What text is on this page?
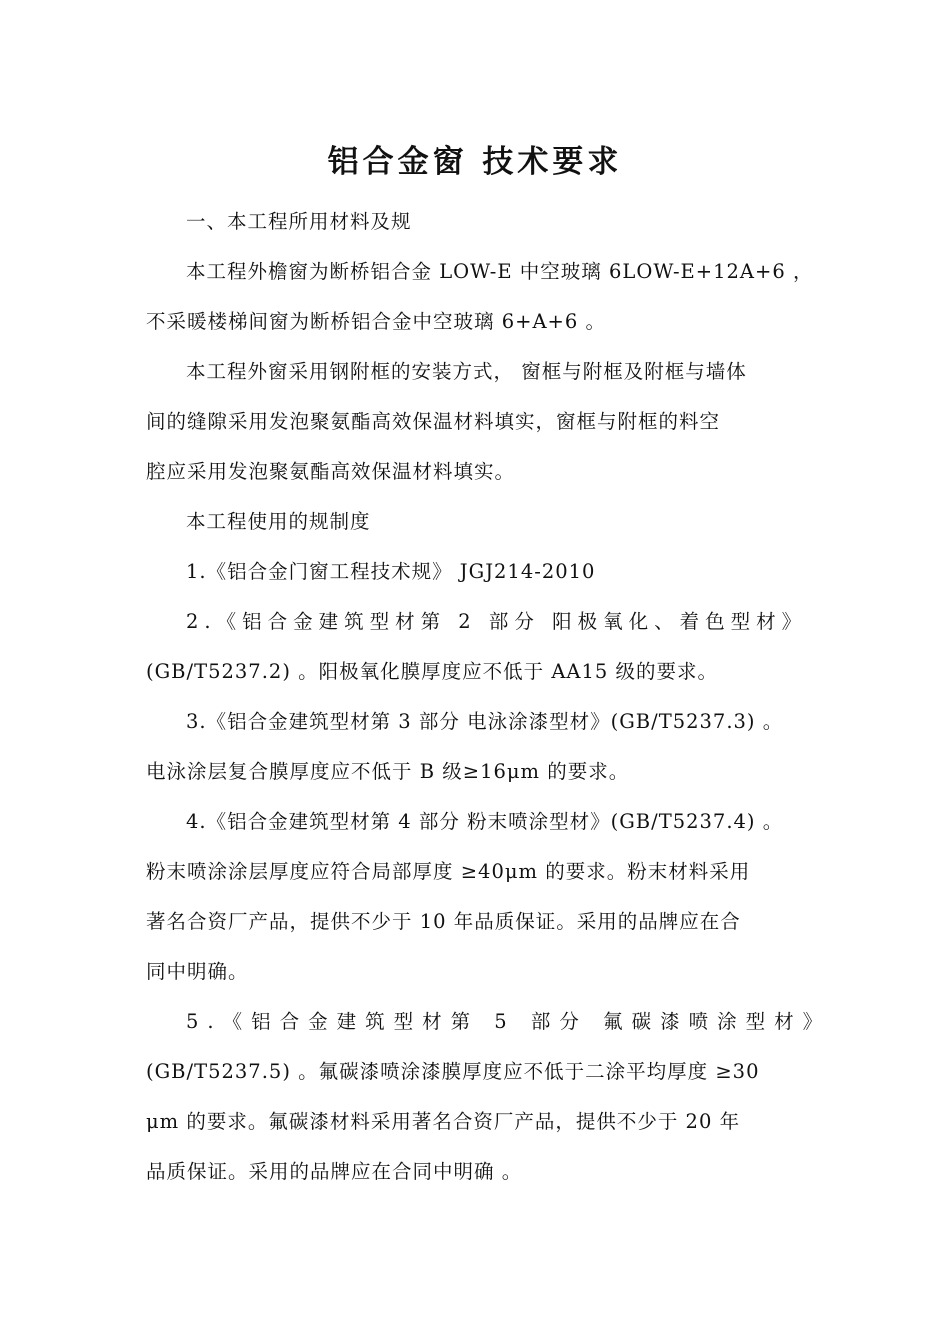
铝合金窗 技术要求
一、本工程所用材料及规
本工程外檐窗为断桥铝合金 LOW-E 中空玻璃 6LOW-E+12A+6 ，
不采暖楼梯间窗为断桥铝合金中空玻璃 6+A+6 。
本工程外窗采用钢附框的安装方式， 窗框与附框及附框与墙体
间的缝隙采用发泡聚氨酯高效保温材料填实，窗框与附框的料空
腔应采用发泡聚氨酯高效保温材料填实。
本工程使用的规制度
1.《铝合金门窗工程技术规》 JGJ214-2010
2.《铝合金建筑型材第 2 部分 阳极氧化、着色型材》
(GB/T5237.2) 。阳极氧化膜厚度应不低于 AA15 级的要求。
3.《铝合金建筑型材第 3 部分 电泳涂漆型材》(GB/T5237.3) 。
电泳涂层复合膜厚度应不低于 B 级≥16μm 的要求。
4.《铝合金建筑型材第 4 部分 粉末喷涂型材》(GB/T5237.4) 。
粉末喷涂涂层厚度应符合局部厚度 ≥40μm 的要求。粉末材料采用
著名合资厂产品，提供不少于 10 年品质保证。采用的品牌应在合
同中明确。
5.《铝合金建筑型材第 5 部分 氟碳漆喷涂型材》
(GB/T5237.5) 。氟碳漆喷涂漆膜厚度应不低于二涂平均厚度 ≥30
μm 的要求。氟碳漆材料采用著名合资厂产品，提供不少于 20 年
品质保证。采用的品牌应在合同中明确 。
